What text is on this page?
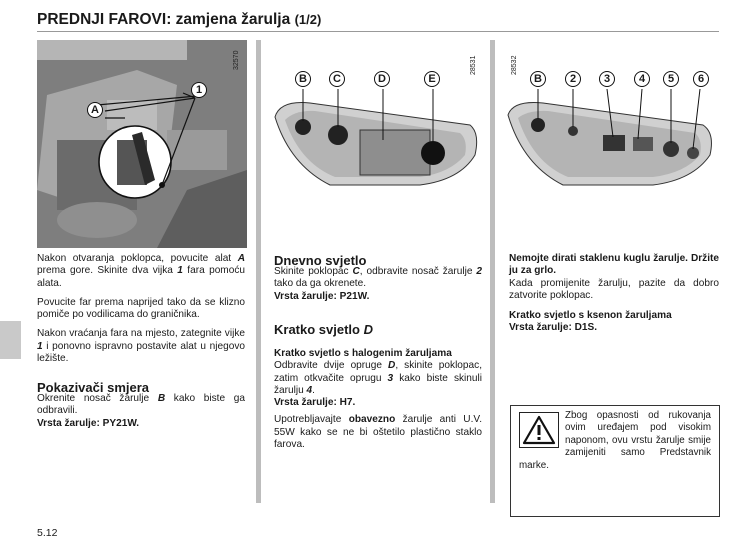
PREDNJI FAROVI: zamjena žarulja (1/2)
A
1
32570
B	C	D	E
28531
B	2	3	4	5	6
28532

Nakon otvaranja poklopca, povucite alat A prema gore. Skinite dva vijka 1 fara pomoću alata.

Povucite far prema naprijed tako da se klizno pomiče po vodilicama do graničnika.

Nakon vraćanja fara na mjesto, zategnite vijke 1 i ponovno ispravno postavite alat u njegovo ležište.

Pokazivači smjera

Okrenite nosač žarulje B kako biste ga odbravili.

Vrsta žarulje: PY21W.

Dnevno svjetlo

Skinite poklopac C, odbravite nosač žarulje 2 tako da ga okrenete.

Vrsta žarulje: P21W.

Kratko svjetlo D

Kratko svjetlo s halogenim žaruljama

Odbravite dvije opruge D, skinite poklopac, zatim otkvačite oprugu 3 kako biste skinuli žarulju 4.

Vrsta žarulje: H7.

Upotrebljavajte obavezno žarulje anti U.V. 55W kako se ne bi oštetilo plastično staklo farova.

Nemojte dirati staklenu kuglu žarulje. Držite ju za grlo.

Kada promijenite žarulju, pazite da dobro zatvorite poklopac.

Kratko svjetlo s ksenon žaruljama

Vrsta žarulje: D1S.

Zbog opasnosti od rukovanja ovim uređajem pod visokim naponom, ovu vrstu žarulje smije zamijeniti samo Predstavnik marke.
5.12
